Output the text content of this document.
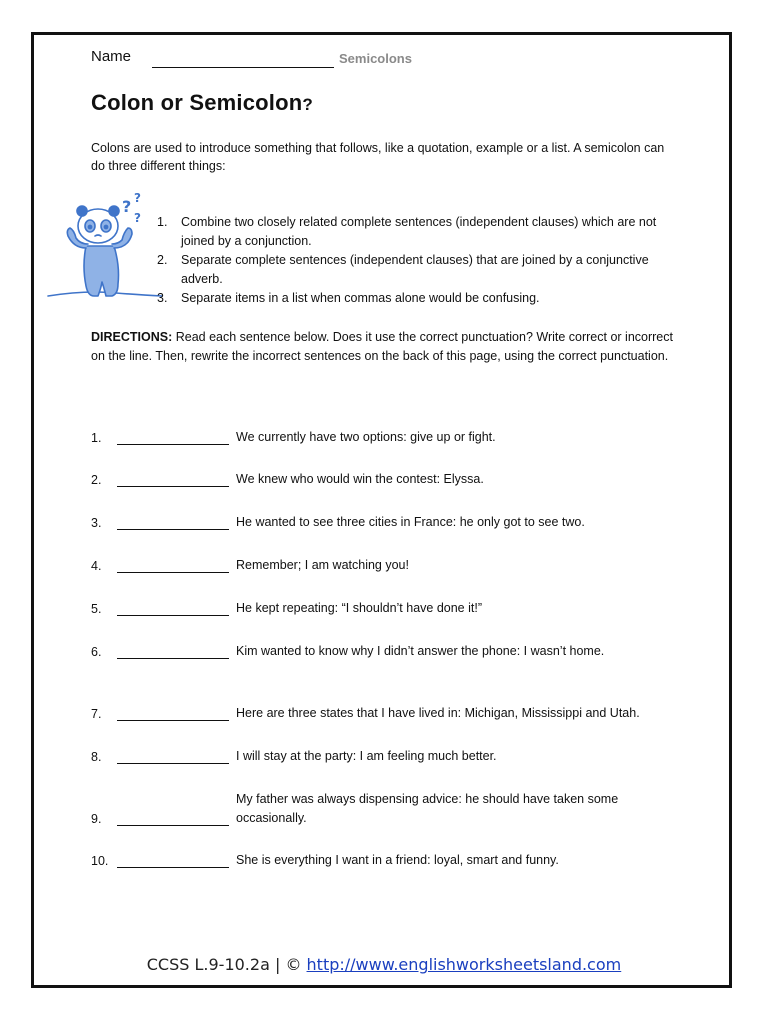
Name	Semicolons
Colon or Semicolon?
Colons are used to introduce something that follows, like a quotation, example or a list. A semicolon can do three different things:
? ?
? 1. Combine two closely related complete sentences (independent clauses) which are not joined by a conjunction.
2. Separate complete sentences (independent clauses) that are joined by a conjunctive adverb.
3. Separate items in a list when commas alone would be confusing.
DIRECTIONS: Read each sentence below. Does it use the correct punctuation? Write correct or incorrect on the line. Then, rewrite the incorrect sentences on the back of this page, using the correct punctuation.
1.	We currently have two options: give up or fight.
2.	We knew who would win the contest: Elyssa.
3.	He wanted to see three cities in France: he only got to see two.
4.	Remember; I am watching you!
5.	He kept repeating: “I shouldn’t have done it!”
6.	Kim wanted to know why I didn’t answer the phone: I wasn’t home.
7.	Here are three states that I have lived in: Michigan, Mississippi and Utah.
8.	I will stay at the party: I am feeling much better.
9.
My father was always dispensing advice: he should have taken some occasionally.
10.	She is everything I want in a friend: loyal, smart and funny.
CCSS L.9-10.2a | © http://www.englishworksheetsland.com
